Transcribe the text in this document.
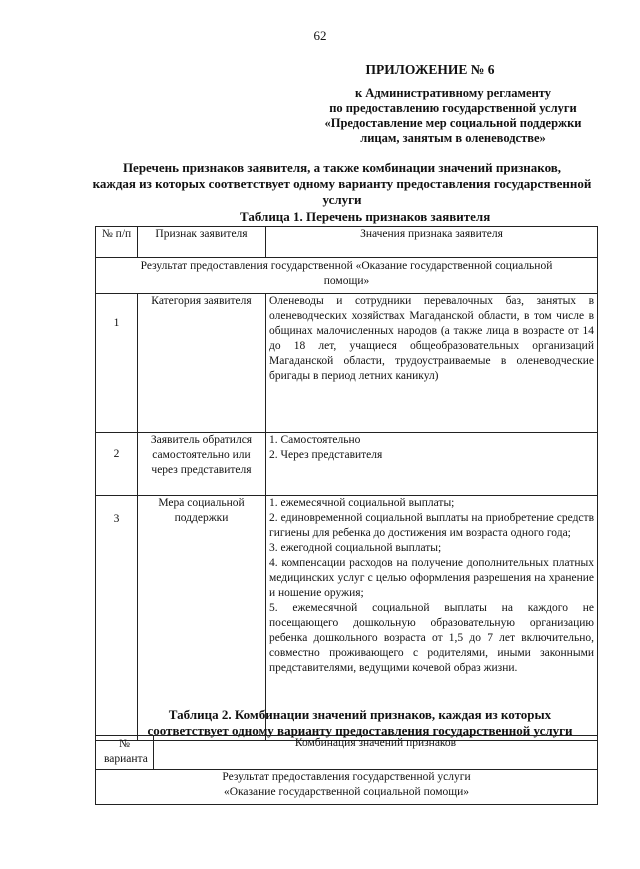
62
ПРИЛОЖЕНИЕ № 6
к Административному регламенту
по предоставлению государственной услуги
«Предоставление мер социальной поддержки
лицам, занятым в оленеводстве»
Перечень признаков заявителя, а также комбинации значений признаков,
каждая из которых соответствует одному варианту предоставления государственной
услуги
Таблица 1. Перечень признаков заявителя
№ п/п	Признак заявителя	Значения признака заявителя
Результат предоставления государственной «Оказание государственной социальной помощи»		
1	Категория заявителя	Оленеводы и сотрудники перевалочных баз, занятых в оленеводческих хозяйствах Магаданской области, в том числе в общинах малочисленных народов (а также лица в возрасте от 14 до 18 лет, учащиеся общеобразовательных организаций Магаданской области, трудоустраиваемые в оленеводческие бригады в период летних каникул)

2	Заявитель обратился самостоятельно или через представителя	1. Самостоятельно
2. Через представителя

3	Мера социальной поддержки	1. ежемесячной социальной выплаты;
2. единовременной социальной выплаты на приобретение средств гигиены для ребенка до достижения им возраста одного года;
3. ежегодной социальной выплаты;
4. компенсации расходов на получение дополнительных платных медицинских услуг с целью оформления разрешения на хранение и ношение оружия;
5. ежемесячной социальной выплаты на каждого не посещающего дошкольную образовательную организацию ребенка дошкольного возраста от 1,5 до 7 лет включительно, совместно проживающего с родителями, иными законными представителями, ведущими кочевой образ жизни.
Таблица 2. Комбинации значений признаков, каждая из которых
соответствует одному варианту предоставления государственной услуги
№ варианта	Комбинация значений признаков

Результат предоставления государственной услуги
«Оказание государственной социальной помощи»
